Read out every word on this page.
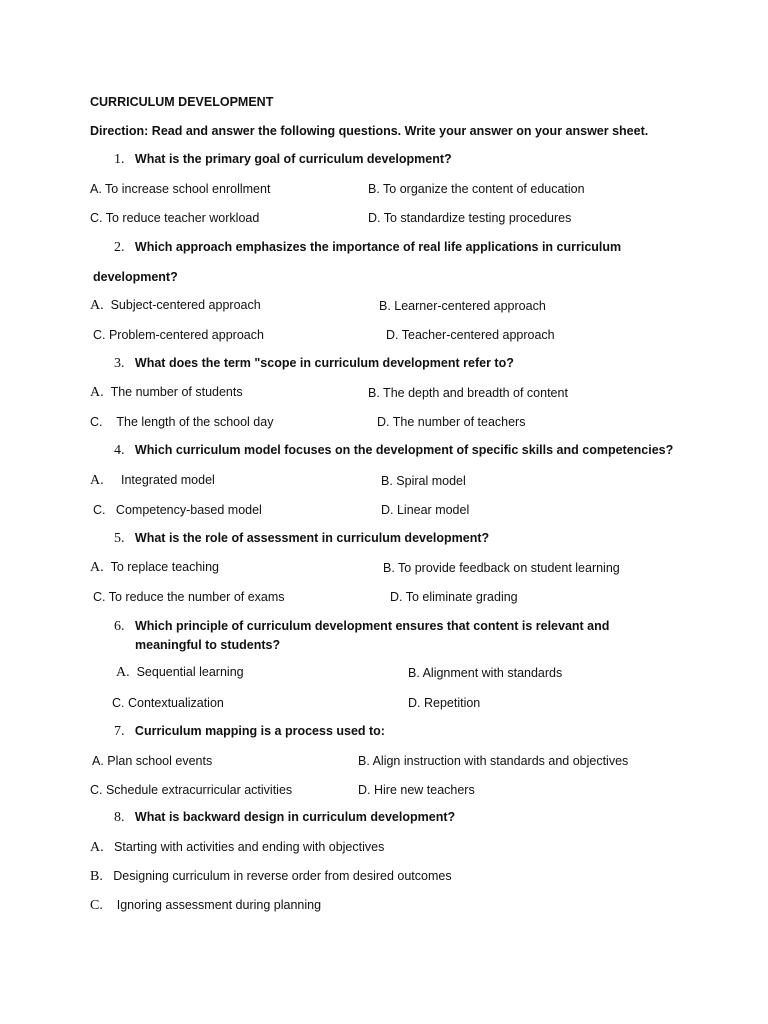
CURRICULUM DEVELOPMENT
Direction: Read and answer the following questions. Write your answer on your answer sheet.
1. What is the primary goal of curriculum development?
A. To increase school enrollment	B. To organize the content of education
C. To reduce teacher workload	D. To standardize testing procedures
2. Which approach emphasizes the importance of real life applications in curriculum
development?
A. Subject-centered approach	B. Learner-centered approach
C. Problem-centered approach	D. Teacher-centered approach
3. What does the term "scope in curriculum development refer to?
A. The number of students	B. The depth and breadth of content
C. The length of the school day	D. The number of teachers
4. Which curriculum model focuses on the development of specific skills and competencies?
A. Integrated model	B. Spiral model
C. Competency-based model	D. Linear model
5. What is the role of assessment in curriculum development?
A. To replace teaching	B. To provide feedback on student learning
C. To reduce the number of exams	D. To eliminate grading
6. Which principle of curriculum development ensures that content is relevant and meaningful to students?
A. Sequential learning	B. Alignment with standards
C. Contextualization	D. Repetition
7. Curriculum mapping is a process used to:
A. Plan school events	B. Align instruction with standards and objectives
C. Schedule extracurricular activities	D. Hire new teachers
8. What is backward design in curriculum development?
A. Starting with activities and ending with objectives
B. Designing curriculum in reverse order from desired outcomes
C. Ignoring assessment during planning
